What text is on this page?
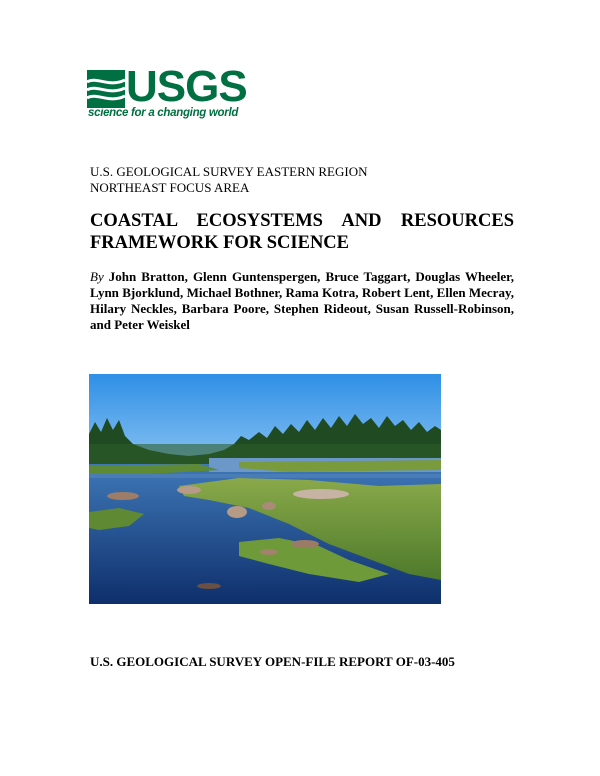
USGS
science for a changing world
U.S. GEOLOGICAL SURVEY EASTERN REGION
NORTHEAST FOCUS AREA
COASTAL ECOSYSTEMS AND RESOURCES FRAMEWORK FOR SCIENCE
By John Bratton, Glenn Guntenspergen, Bruce Taggart, Douglas Wheeler, Lynn Bjorklund, Michael Bothner, Rama Kotra, Robert Lent, Ellen Mecray, Hilary Neckles, Barbara Poore, Stephen Rideout, Susan Russell-Robinson, and Peter Weiskel
U.S. GEOLOGICAL SURVEY OPEN-FILE REPORT OF-03-405
